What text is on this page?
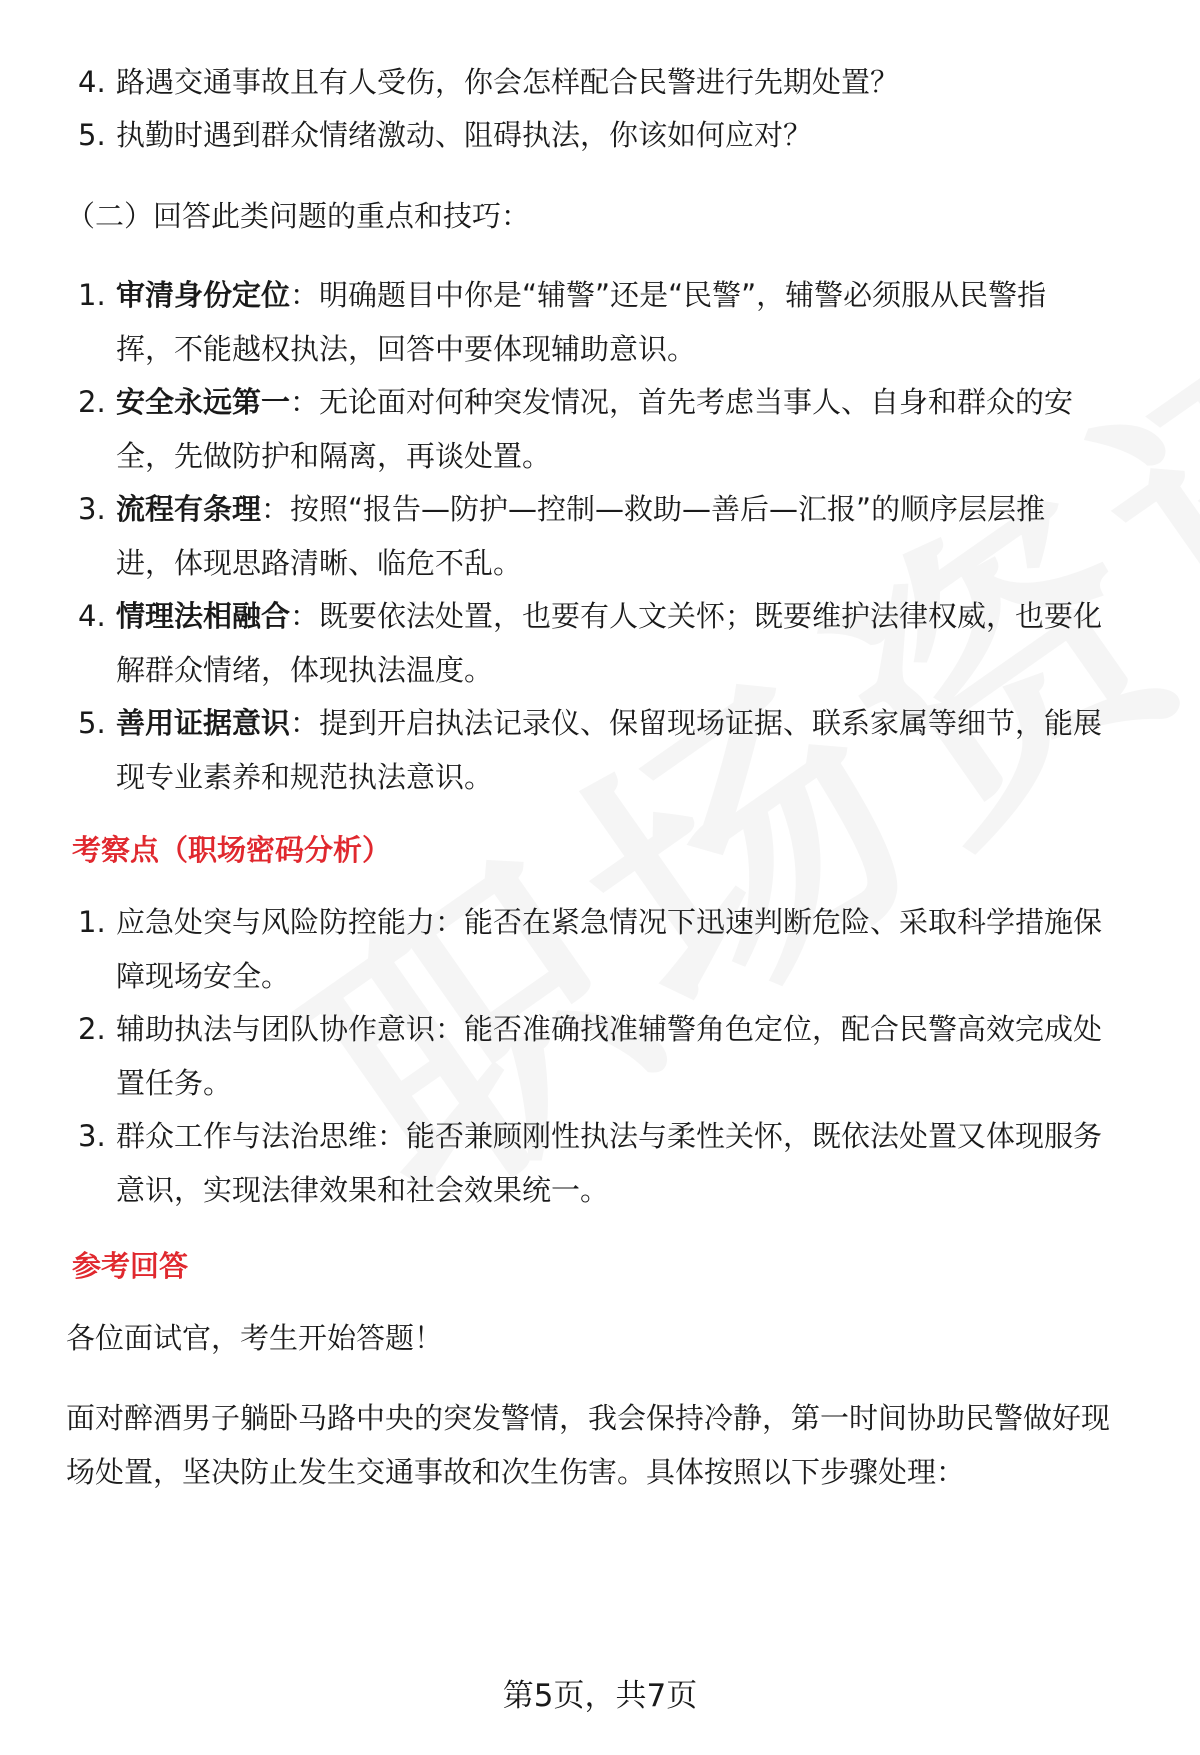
4. 路遇交通事故且有人受伤，你会怎样配合民警进行先期处置？
5. 执勤时遇到群众情绪激动、阻碍执法，你该如何应对？
（二）回答此类问题的重点和技巧：
1. 审清身份定位：明确题目中你是“辅警”还是“民警”，辅警必须服从民警指
挥，不能越权执法，回答中要体现辅助意识。
2. 安全永远第一：无论面对何种突发情况，首先考虑当事人、自身和群众的安
全，先做防护和隔离，再谈处置。
3. 流程有条理：按照“报告—防护—控制—救助—善后—汇报”的顺序层层推
进，体现思路清晰、临危不乱。
4. 情理法相融合：既要依法处置，也要有人文关怀；既要维护法律权威，也要化
解群众情绪，体现执法温度。
5. 善用证据意识：提到开启执法记录仪、保留现场证据、联系家属等细节，能展
现专业素养和规范执法意识。
考察点（职场密码分析）
1. 应急处突与风险防控能力：能否在紧急情况下迅速判断危险、采取科学措施保
障现场安全。
2. 辅助执法与团队协作意识：能否准确找准辅警角色定位，配合民警高效完成处
置任务。
3. 群众工作与法治思维：能否兼顾刚性执法与柔性关怀，既依法处置又体现服务
意识，实现法律效果和社会效果统一。
参考回答
各位面试官，考生开始答题！
面对醉酒男子躺卧马路中央的突发警情，我会保持冷静，第一时间协助民警做好现
场处置，坚决防止发生交通事故和次生伤害。具体按照以下步骤处理：
第5页，共7页
